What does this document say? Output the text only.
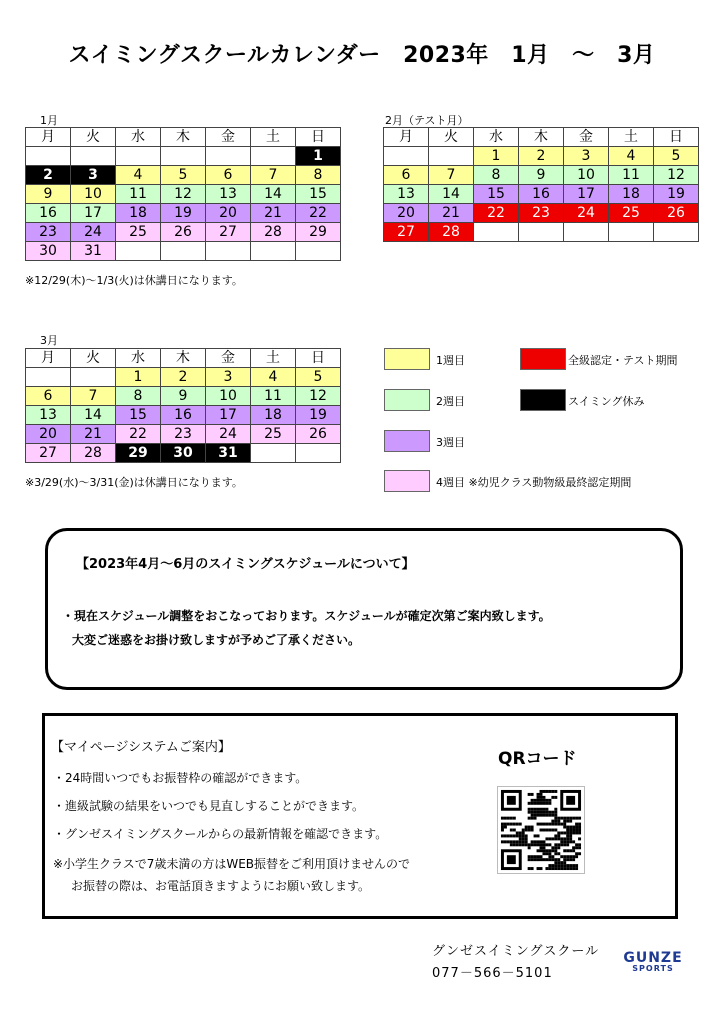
スイミングスクールカレンダー　2023年　1月　～　3月
1月
月	火	水	木	金	土	日
						1
2	3	4	5	6	7	8
9	10	11	12	13	14	15
16	17	18	19	20	21	22
23	24	25	26	27	28	29
30	31					
※12/29(木)～1/3(火)は休講日になります。
2月（テスト月）
月	火	水	木	金	土	日
		1	2	3	4	5
6	7	8	9	10	11	12
13	14	15	16	17	18	19
20	21	22	23	24	25	26
27	28					
3月
月	火	水	木	金	土	日
		1	2	3	4	5
6	7	8	9	10	11	12
13	14	15	16	17	18	19
20	21	22	23	24	25	26
27	28	29	30	31		
※3/29(水)～3/31(金)は休講日になります。
1週目
2週目
3週目
4週目 ※幼児クラス動物級最終認定期間
全級認定・テスト期間
スイミング休み
【2023年4月～6月のスイミングスケジュールについて】
・現在スケジュール調整をおこなっております。スケジュールが確定次第ご案内致します。
大変ご迷惑をお掛け致しますが予めご了承ください。
【マイページシステムご案内】
・24時間いつでもお振替枠の確認ができます。
・進級試験の結果をいつでも見直しすることができます。
・グンゼスイミングスクールからの最新情報を確認できます。
※小学生クラスで7歳未満の方はWEB振替をご利用頂けませんので
お振替の際は、お電話頂きますようにお願い致します。
QRコード
グンゼスイミングスクール
077－566－5101
GUNZE
SPORTS
